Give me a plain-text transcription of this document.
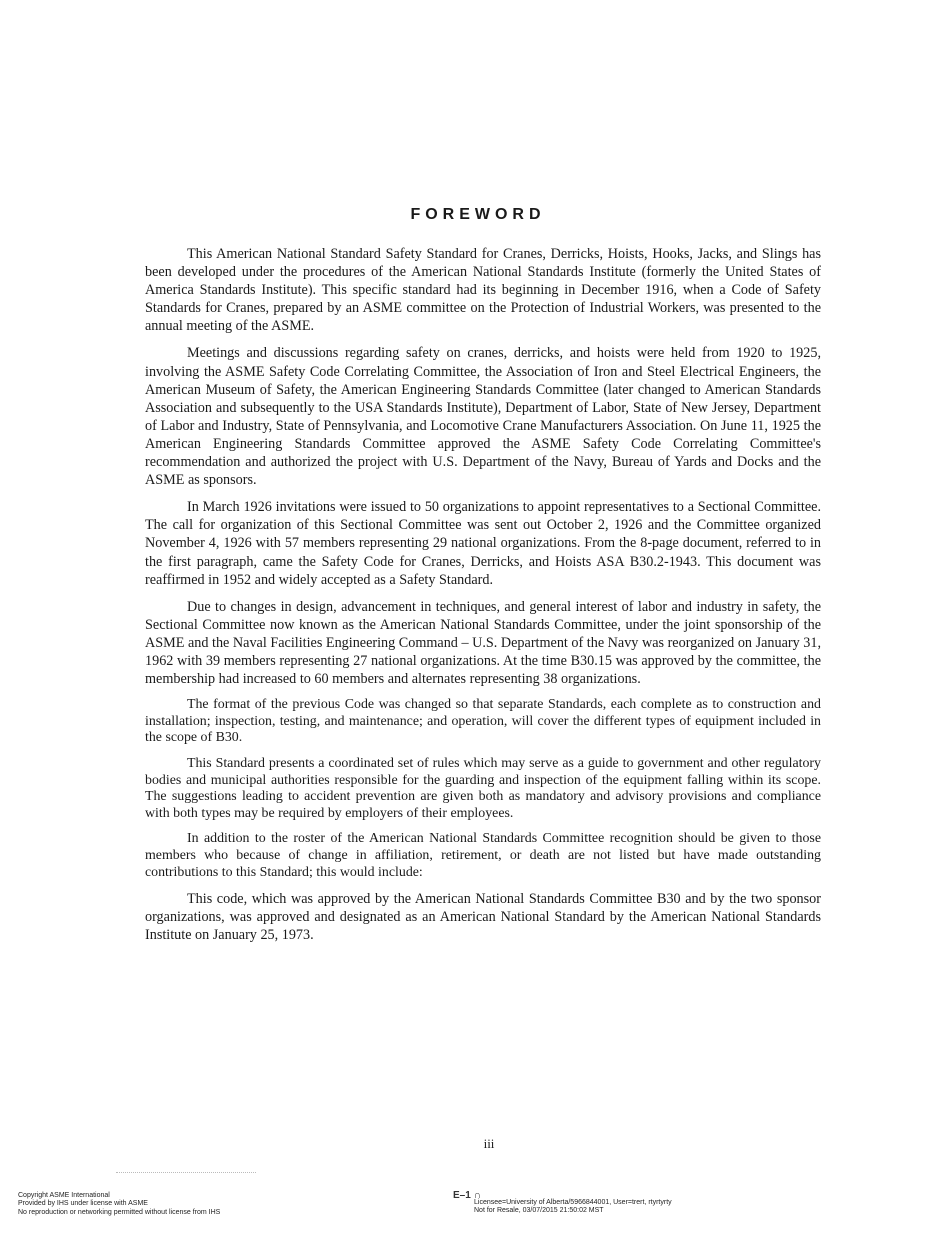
FOREWORD

This American National Standard Safety Standard for Cranes, Derricks, Hoists, Hooks, Jacks, and Slings has been developed under the procedures of the American National Standards Institute (formerly the United States of America Standards Institute). This specific standard had its beginning in December 1916, when a Code of Safety Standards for Cranes, prepared by an ASME committee on the Protection of Industrial Workers, was presented to the annual meeting of the ASME.

Meetings and discussions regarding safety on cranes, derricks, and hoists were held from 1920 to 1925, involving the ASME Safety Code Correlating Committee, the Association of Iron and Steel Electrical Engineers, the American Museum of Safety, the American Engineering Standards Committee (later changed to American Standards Association and subsequently to the USA Standards Institute), Department of Labor, State of New Jersey, Department of Labor and Industry, State of Pennsylvania, and Locomotive Crane Manufacturers Association. On June 11, 1925 the American Engineering Standards Committee approved the ASME Safety Code Correlating Committee's recommendation and authorized the project with U.S. Department of the Navy, Bureau of Yards and Docks and the ASME as sponsors.

In March 1926 invitations were issued to 50 organizations to appoint representatives to a Sectional Committee. The call for organization of this Sectional Committee was sent out October 2, 1926 and the Committee organized November 4, 1926 with 57 members representing 29 national organizations. From the 8-page document, referred to in the first paragraph, came the Safety Code for Cranes, Derricks, and Hoists ASA B30.2-1943. This document was reaffirmed in 1952 and widely accepted as a Safety Standard.

Due to changes in design, advancement in techniques, and general interest of labor and industry in safety, the Sectional Committee now known as the American National Standards Committee, under the joint sponsorship of the ASME and the Naval Facilities Engineering Command – U.S. Department of the Navy was reorganized on January 31, 1962 with 39 members representing 27 national organizations. At the time B30.15 was approved by the committee, the membership had increased to 60 members and alternates representing 38 organizations.

The format of the previous Code was changed so that separate Standards, each complete as to construction and installation; inspection, testing, and maintenance; and operation, will cover the different types of equipment included in the scope of B30.

This Standard presents a coordinated set of rules which may serve as a guide to government and other regulatory bodies and municipal authorities responsible for the guarding and inspection of the equipment falling within its scope. The suggestions leading to accident prevention are given both as mandatory and advisory provisions and compliance with both types may be required by employers of their employees.

In addition to the roster of the American National Standards Committee recognition should be given to those members who because of change in affiliation, retirement, or death are not listed but have made outstanding contributions to this Standard; this would include:

This code, which was approved by the American National Standards Committee B30 and by the two sponsor organizations, was approved and designated as an American National Standard by the American National Standards Institute on January 25, 1973.

iii
Copyright ASME International
Provided by IHS under license with ASME
No reproduction or networking permitted without license from IHS
E–1 ∩
Licensee=University of Alberta/5966844001, User=trert, rtyrtyrty
Not for Resale, 03/07/2015 21:50:02 MST
